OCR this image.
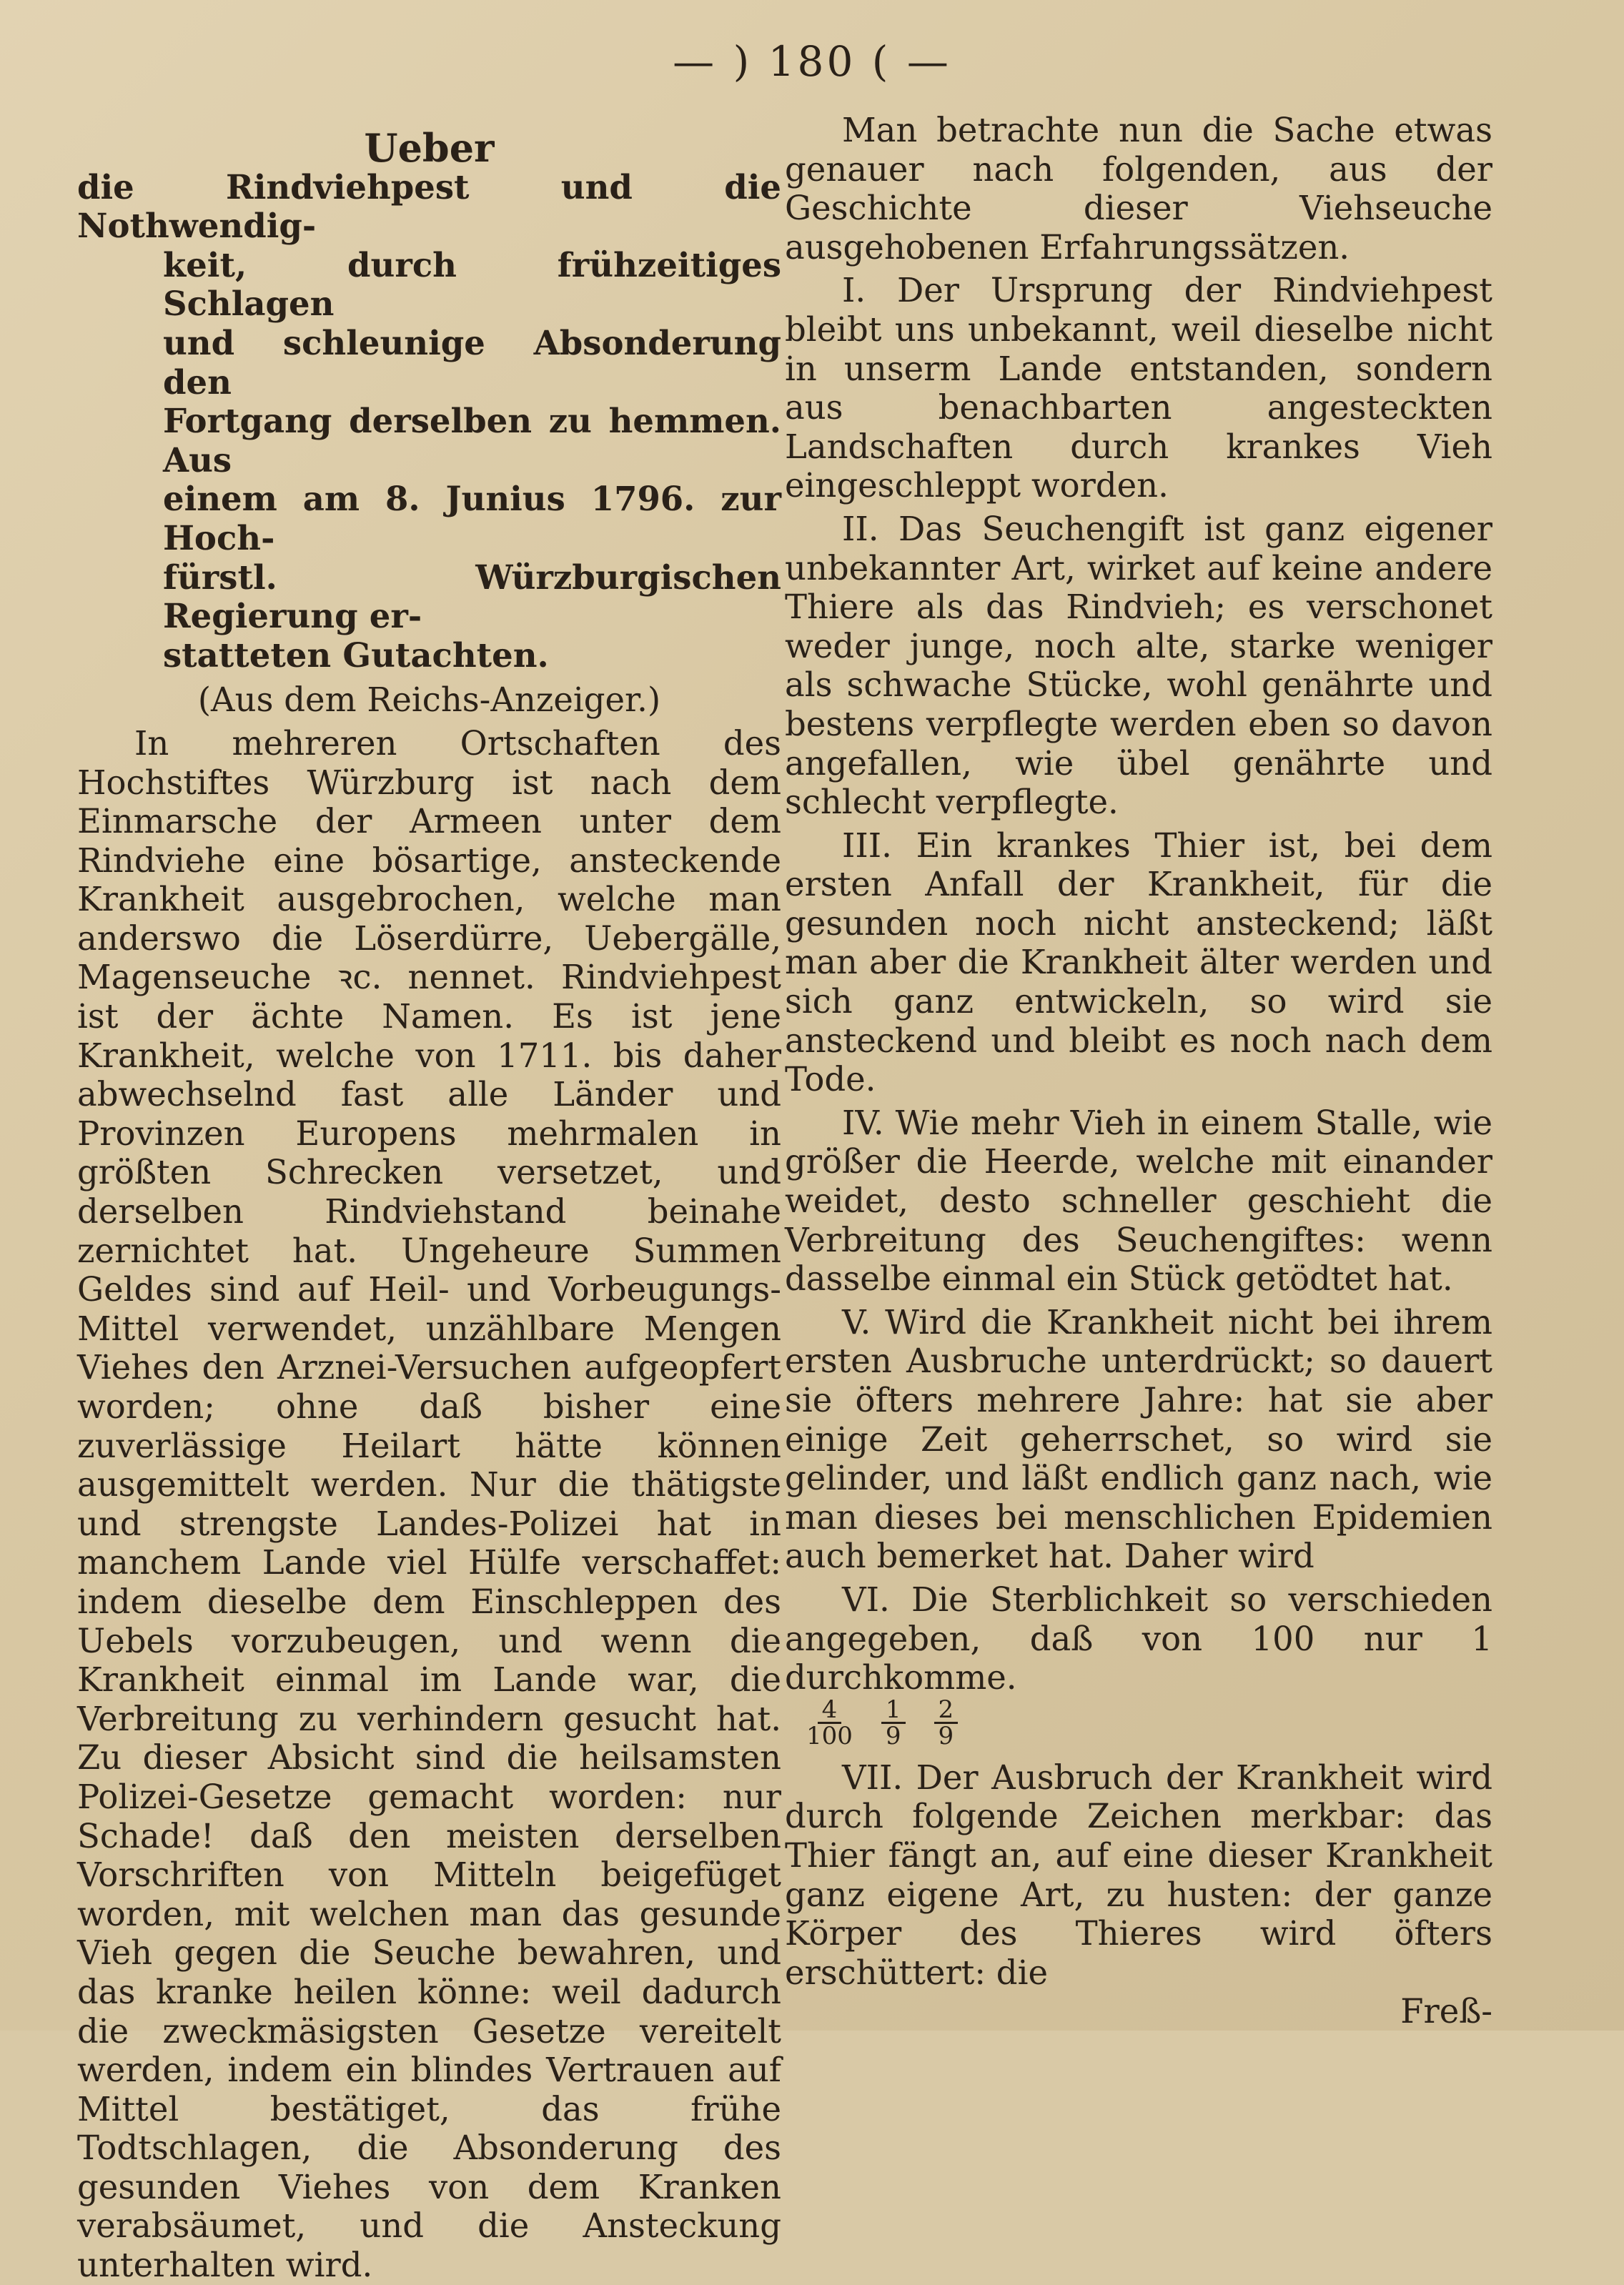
— ) 180 ( —
Ueber
die Rindviehpest und die Nothwendig-
keit, durch frühzeitiges Schlagen
und schleunige Absonderung den
Fortgang derselben zu hemmen. Aus
einem am 8. Junius 1796. zur Hoch-
fürstl. Würzburgischen Regierung er-
statteten Gutachten.
(Aus dem Reichs-Anzeiger.)

In mehreren Ortschaften des Hochstiftes Würzburg ist nach dem Einmarsche der Armeen unter dem Rindviehe eine bösartige, ansteckende Krankheit ausgebrochen, welche man anderswo die Löserdürre, Uebergälle, Magenseuche ꝛc. nennet. Rindviehpest ist der ächte Namen. Es ist jene Krankheit, welche von 1711. bis daher abwechselnd fast alle Länder und Provinzen Europens mehrmalen in größten Schrecken versetzet, und derselben Rindviehstand beinahe zernichtet hat. Ungeheure Summen Geldes sind auf Heil- und Vorbeugungs-Mittel verwendet, unzählbare Mengen Viehes den Arznei-Versuchen aufgeopfert worden; ohne daß bisher eine zuverlässige Heilart hätte können ausgemittelt werden. Nur die thätigste und strengste Landes-Polizei hat in manchem Lande viel Hülfe verschaffet: indem dieselbe dem Einschleppen des Uebels vorzubeugen, und wenn die Krankheit einmal im Lande war, die Verbreitung zu verhindern gesucht hat. Zu dieser Absicht sind die heilsamsten Polizei-Gesetze gemacht worden: nur Schade! daß den meisten derselben Vorschriften von Mitteln beigefüget worden, mit welchen man das gesunde Vieh gegen die Seuche bewahren, und das kranke heilen könne: weil dadurch die zweckmäsigsten Gesetze vereitelt werden, indem ein blindes Vertrauen auf Mittel bestätiget, das frühe Todtschlagen, die Absonderung des gesunden Viehes von dem Kranken verabsäumet, und die Ansteckung unterhalten wird.

Man betrachte nun die Sache etwas genauer nach folgenden, aus der Geschichte dieser Viehseuche ausgehobenen Erfahrungssätzen.

I. Der Ursprung der Rindviehpest bleibt uns unbekannt, weil dieselbe nicht in unserm Lande entstanden, sondern aus benachbarten angesteckten Landschaften durch krankes Vieh eingeschleppt worden.

II. Das Seuchengift ist ganz eigener unbekannter Art, wirket auf keine andere Thiere als das Rindvieh; es verschonet weder junge, noch alte, starke weniger als schwache Stücke, wohl genährte und bestens verpflegte werden eben so davon angefallen, wie übel genährte und schlecht verpflegte.

III. Ein krankes Thier ist, bei dem ersten Anfall der Krankheit, für die gesunden noch nicht ansteckend; läßt man aber die Krankheit älter werden und sich ganz entwickeln, so wird sie ansteckend und bleibt es noch nach dem Tode.

IV. Wie mehr Vieh in einem Stalle, wie größer die Heerde, welche mit einander weidet, desto schneller geschieht die Verbreitung des Seuchengiftes: wenn dasselbe einmal ein Stück getödtet hat.

V. Wird die Krankheit nicht bei ihrem ersten Ausbruche unterdrückt; so dauert sie öfters mehrere Jahre: hat sie aber einige Zeit geherrschet, so wird sie gelinder, und läßt endlich ganz nach, wie man dieses bei menschlichen Epidemien auch bemerket hat. Daher wird

VI. Die Sterblichkeit so verschieden angegeben, daß von 100 nur 1 durchkomme.

$\frac{4}{100} \frac{1}{9} \frac{2}{9}$

VII. Der Ausbruch der Krankheit wird durch folgende Zeichen merkbar: das Thier fängt an, auf eine dieser Krankheit ganz eigene Art, zu husten: der ganze Körper des Thieres wird öfters erschüttert: die

Freß-
